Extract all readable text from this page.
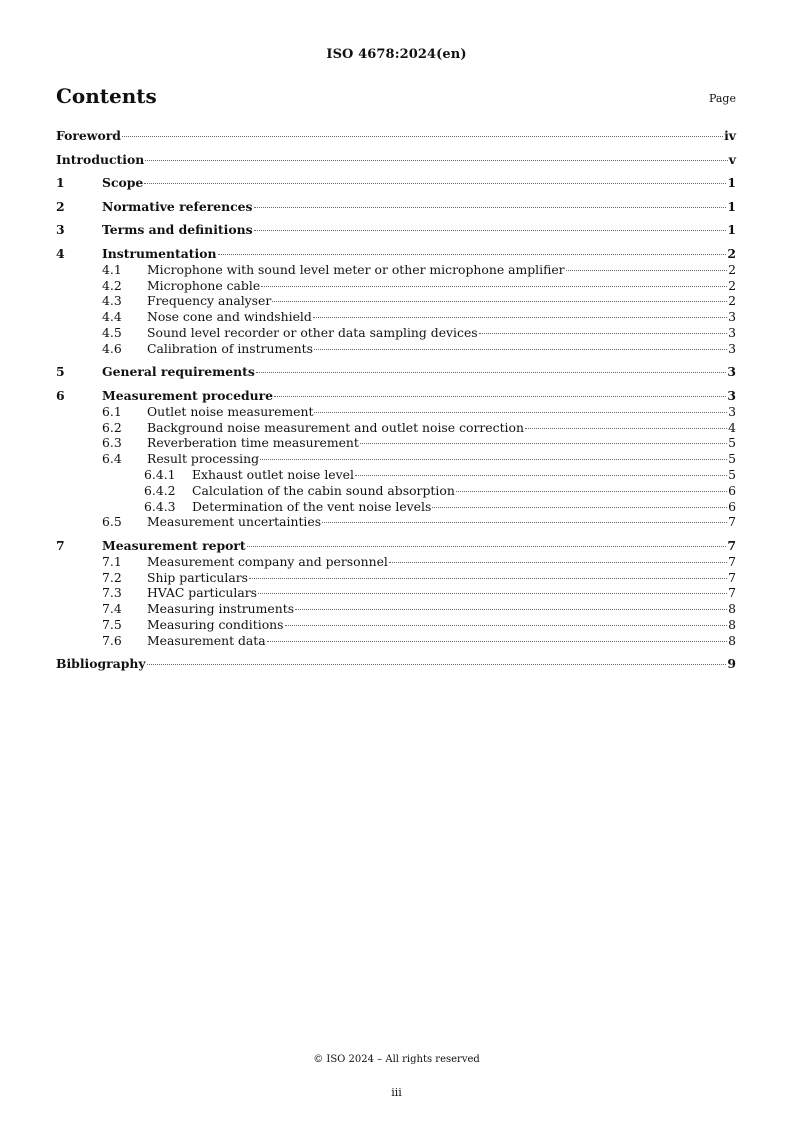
ISO 4678:2024(en)
Contents	Page
Foreword	iv
Introduction	v
1	Scope	1
2	Normative references	1
3	Terms and definitions	1
4	Instrumentation	2
4.1	Microphone with sound level meter or other microphone amplifier	2
4.2	Microphone cable	2
4.3	Frequency analyser	2
4.4	Nose cone and windshield	3
4.5	Sound level recorder or other data sampling devices	3
4.6	Calibration of instruments	3
5	General requirements	3
6	Measurement procedure	3
6.1	Outlet noise measurement	3
6.2	Background noise measurement and outlet noise correction	4
6.3	Reverberation time measurement	5
6.4	Result processing	5
6.4.1	Exhaust outlet noise level	5
6.4.2	Calculation of the cabin sound absorption	6
6.4.3	Determination of the vent noise levels	6
6.5	Measurement uncertainties	7
7	Measurement report	7
7.1	Measurement company and personnel	7
7.2	Ship particulars	7
7.3	HVAC particulars	7
7.4	Measuring instruments	8
7.5	Measuring conditions	8
7.6	Measurement data	8
Bibliography	9
© ISO 2024 – All rights reserved
iii
